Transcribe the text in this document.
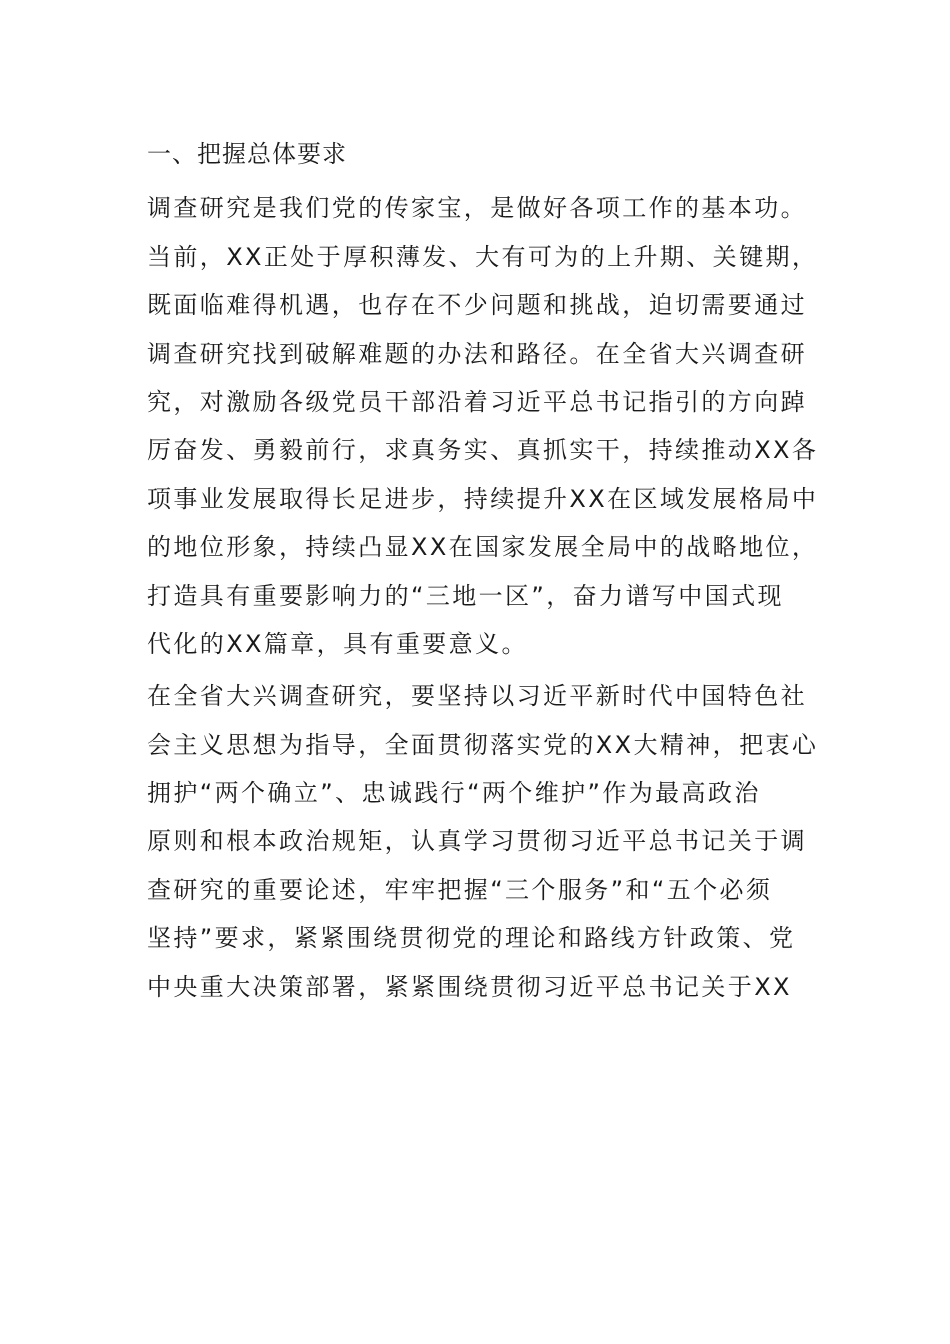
一、把握总体要求
调查研究是我们党的传家宝，是做好各项工作的基本功。
当前，XX正处于厚积薄发、大有可为的上升期、关键期，
既面临难得机遇，也存在不少问题和挑战，迫切需要通过
调查研究找到破解难题的办法和路径。在全省大兴调查研
究，对激励各级党员干部沿着习近平总书记指引的方向踔
厉奋发、勇毅前行，求真务实、真抓实干，持续推动XX各
项事业发展取得长足进步，持续提升XX在区域发展格局中
的地位形象，持续凸显XX在国家发展全局中的战略地位，
打造具有重要影响力的“三地一区”，奋力谱写中国式现
代化的XX篇章，具有重要意义。
在全省大兴调查研究，要坚持以习近平新时代中国特色社
会主义思想为指导，全面贯彻落实党的XX大精神，把衷心
拥护“两个确立”、忠诚践行“两个维护”作为最高政治
原则和根本政治规矩，认真学习贯彻习近平总书记关于调
查研究的重要论述，牢牢把握“三个服务”和“五个必须
坚持”要求，紧紧围绕贯彻党的理论和路线方针政策、党
中央重大决策部署，紧紧围绕贯彻习近平总书记关于XX
